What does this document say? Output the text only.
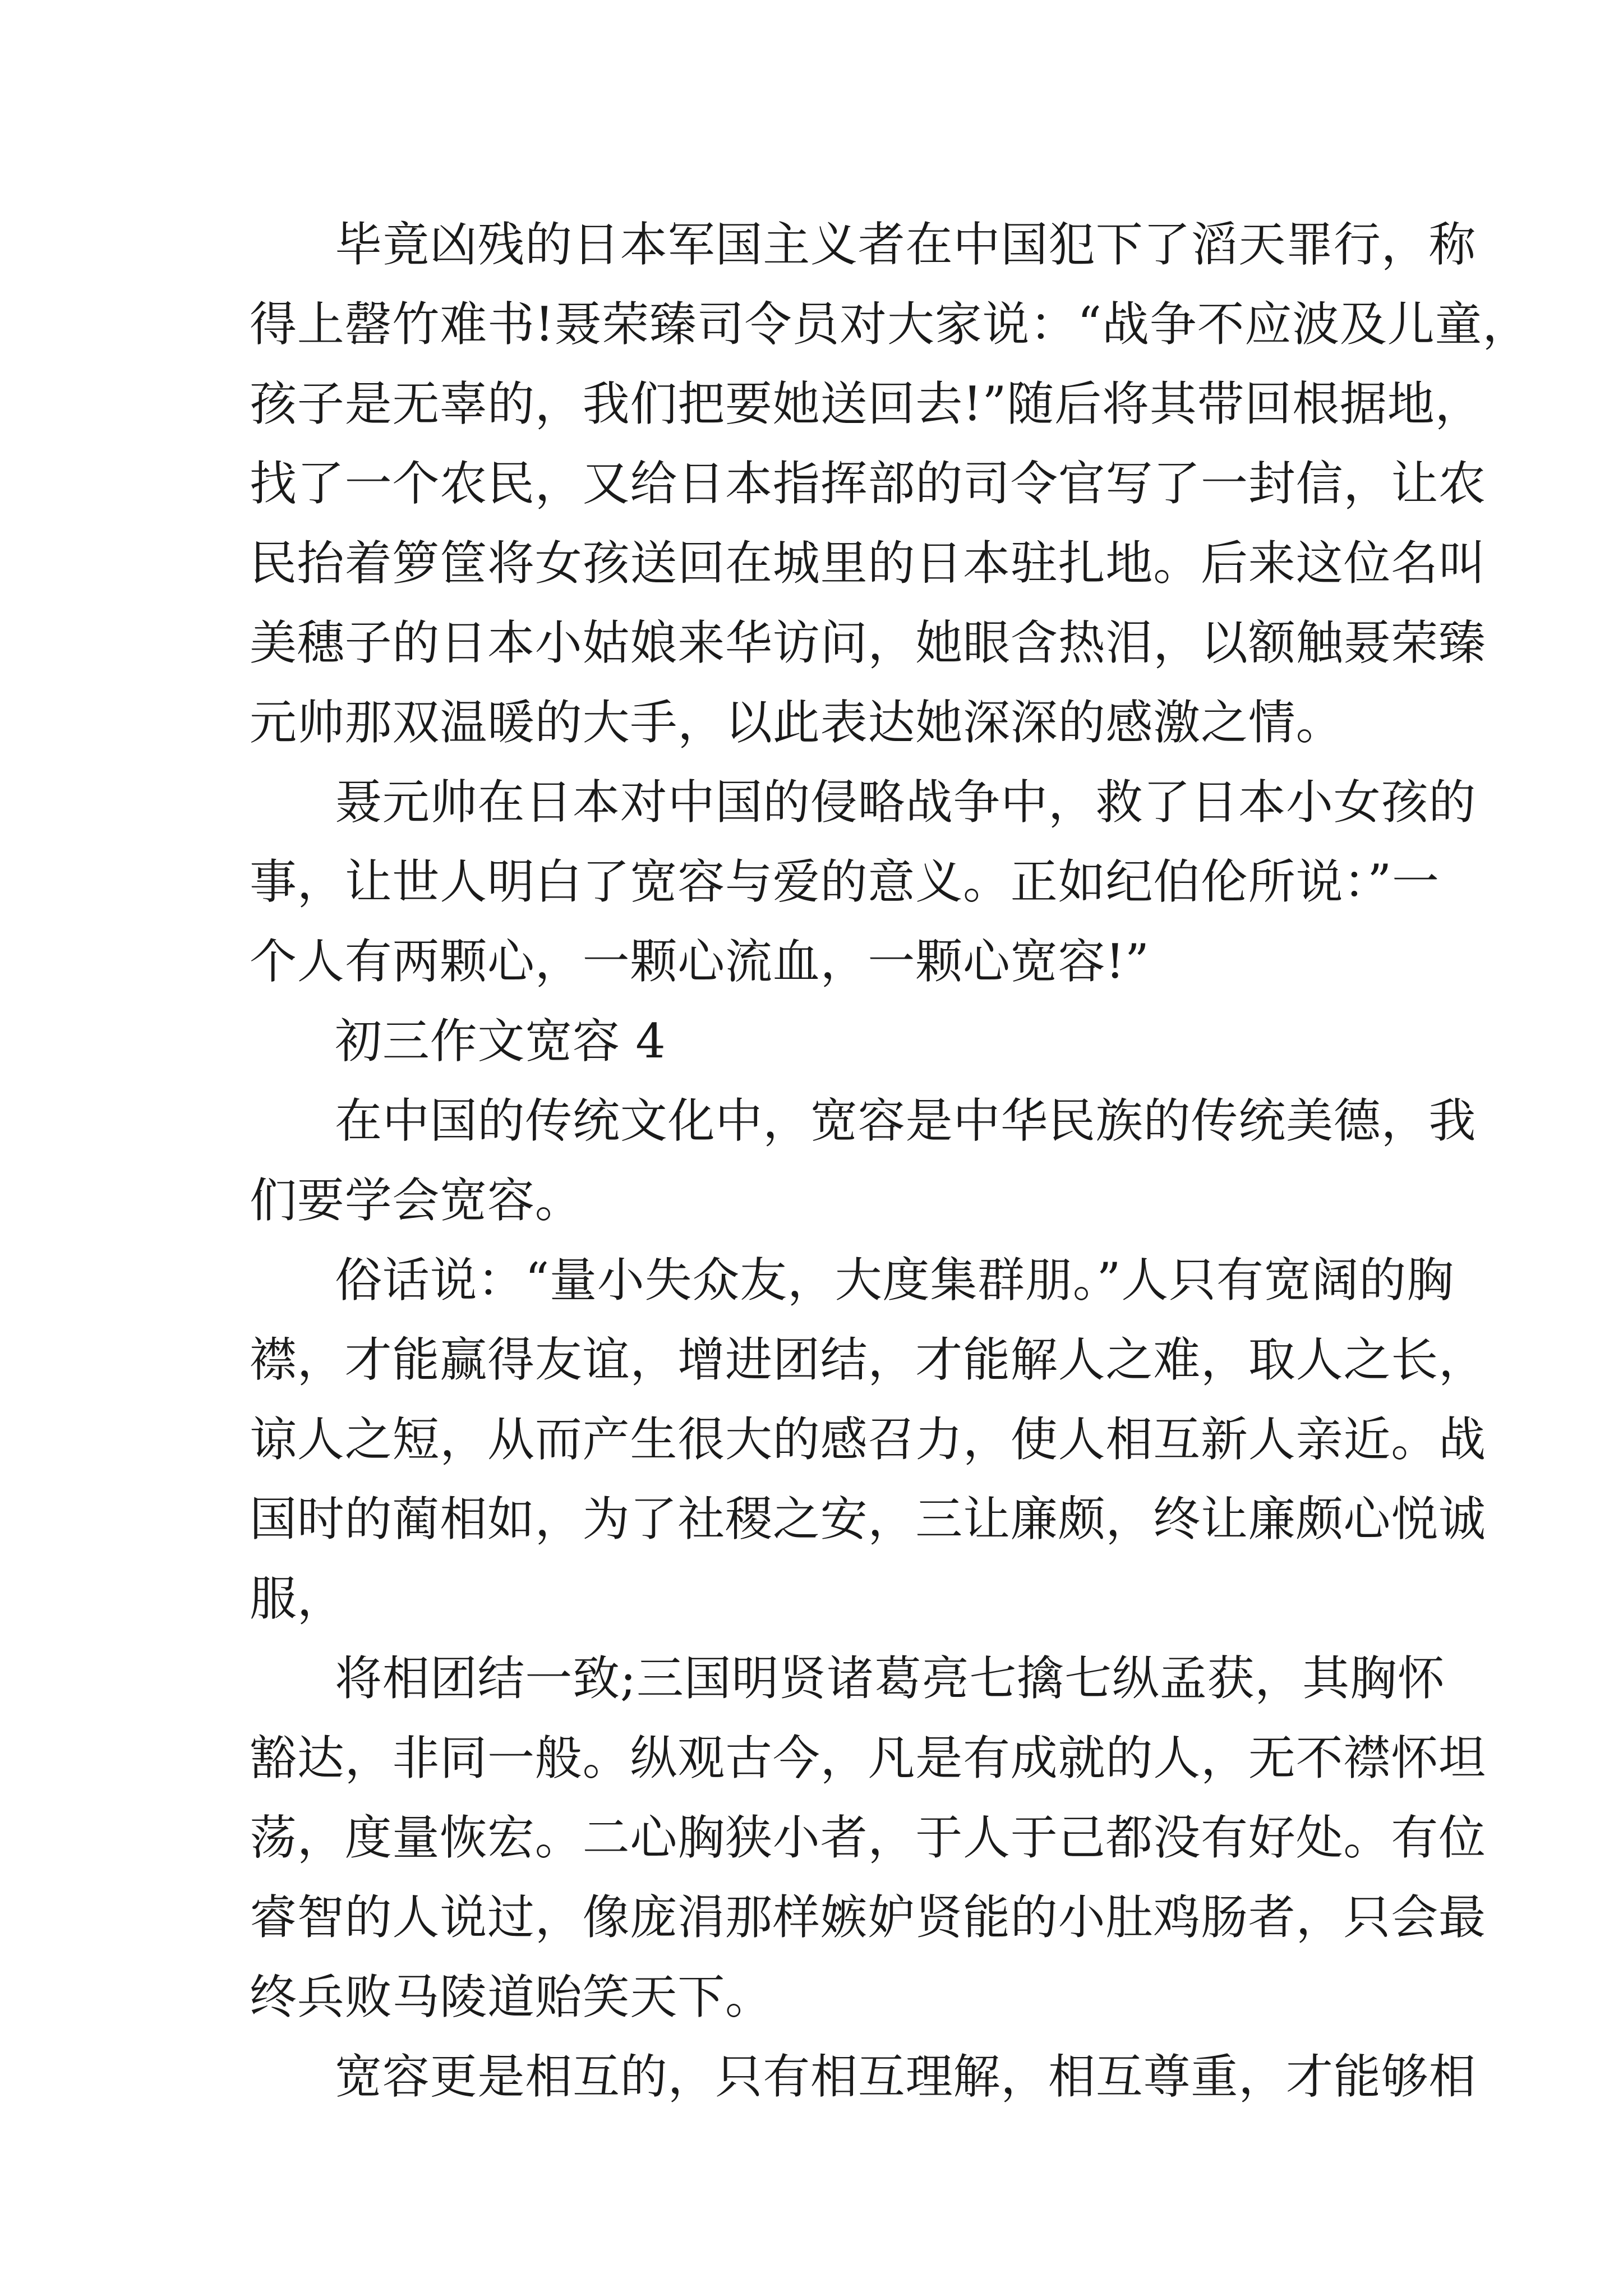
毕竟凶残的日本军国主义者在中国犯下了滔天罪行，称
得上罄竹难书!聂荣臻司令员对大家说：“战争不应波及儿童，
孩子是无辜的，我们把要她送回去!”随后将其带回根据地，
找了一个农民，又给日本指挥部的司令官写了一封信，让农
民抬着箩筐将女孩送回在城里的日本驻扎地。后来这位名叫
美穗子的日本小姑娘来华访问，她眼含热泪，以额触聂荣臻
元帅那双温暖的大手，以此表达她深深的感激之情。
聂元帅在日本对中国的侵略战争中，救了日本小女孩的
事，让世人明白了宽容与爱的意义。正如纪伯伦所说：”一
个人有两颗心，一颗心流血，一颗心宽容!”
初三作文宽容 4
在中国的传统文化中，宽容是中华民族的传统美德，我
们要学会宽容。
俗话说：“量小失众友，大度集群朋。”人只有宽阔的胸
襟，才能赢得友谊，增进团结，才能解人之难，取人之长，
谅人之短，从而产生很大的感召力，使人相互新人亲近。战
国时的蔺相如，为了社稷之安，三让廉颇，终让廉颇心悦诚
服，
将相团结一致;三国明贤诸葛亮七擒七纵孟获，其胸怀
豁达，非同一般。纵观古今，凡是有成就的人，无不襟怀坦
荡，度量恢宏。二心胸狭小者，于人于己都没有好处。有位
睿智的人说过，像庞涓那样嫉妒贤能的小肚鸡肠者，只会最
终兵败马陵道贻笑天下。
宽容更是相互的，只有相互理解，相互尊重，才能够相
